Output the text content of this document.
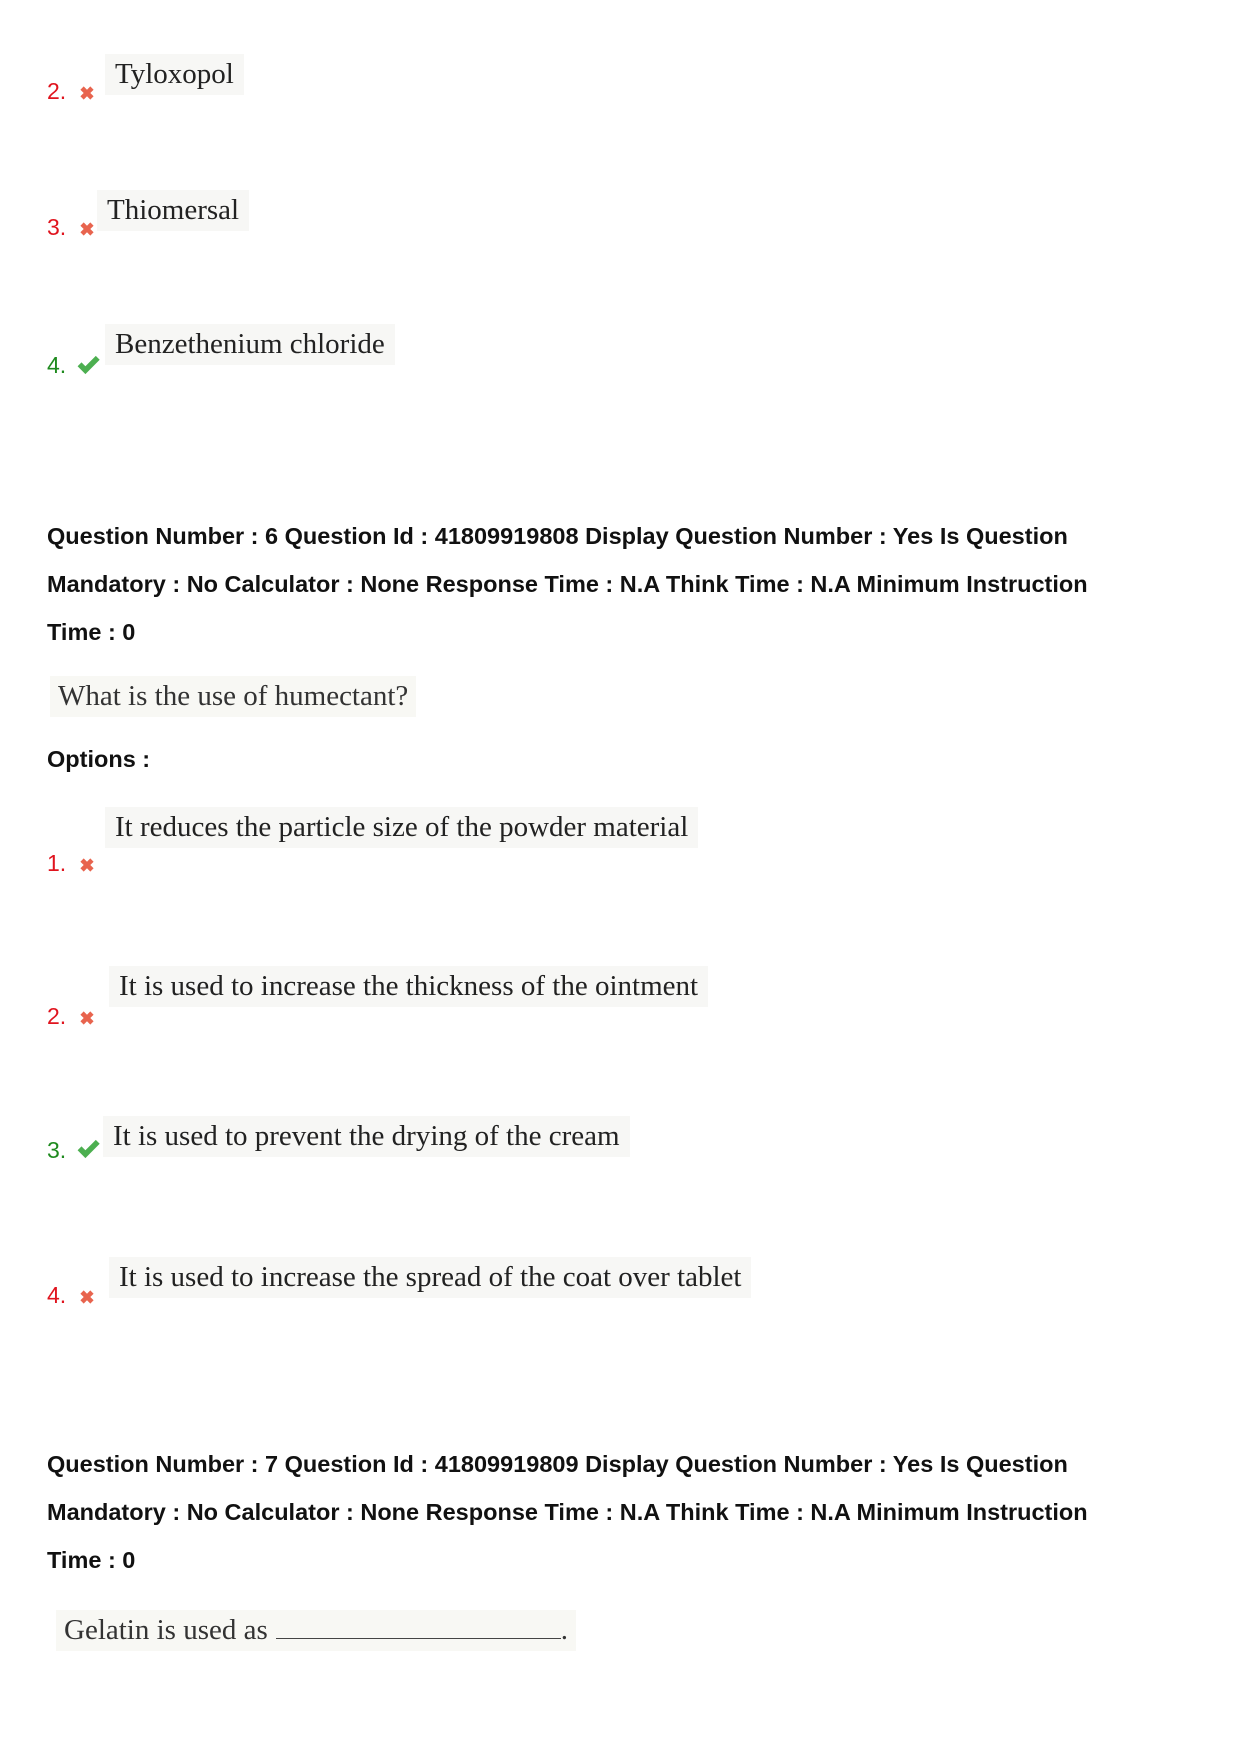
2.
Tyloxopol
3.
Thiomersal
4.
Benzethenium chloride
Question Number : 6 Question Id : 41809919808 Display Question Number : Yes Is Question
Mandatory : No Calculator : None Response Time : N.A Think Time : N.A Minimum Instruction
Time : 0
What is the use of humectant?
Options :
1.
It reduces the particle size of the powder material
2.
It is used to increase the thickness of the ointment
3.	It is used to prevent the drying of the cream
4.
It is used to increase the spread of the coat over tablet
Question Number : 7 Question Id : 41809919809 Display Question Number : Yes Is Question
Mandatory : No Calculator : None Response Time : N.A Think Time : N.A Minimum Instruction
Time : 0
Gelatin is used as	.
